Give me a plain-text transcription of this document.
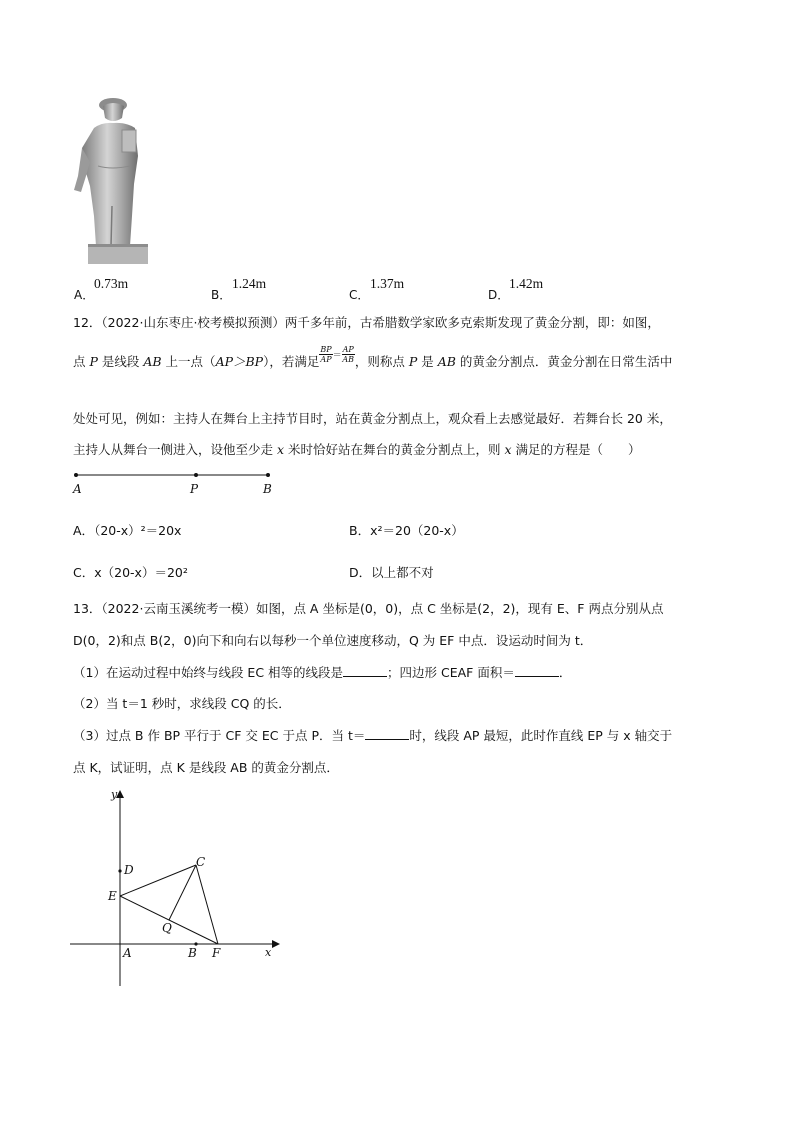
A．
0.73m
B．
1.24m
C．
1.37m
D．
1.42m
12．（2022·山东枣庄·校考模拟预测）两千多年前，古希腊数学家欧多克索斯发现了黄金分割，即：如图，
点 P 是线段 AB 上一点（AP＞BP），若满足 $\frac{BP}{AP}^= \frac{AP}{AB}$，则称点 P 是 AB 的黄金分割点．黄金分割在日常生活中
处处可见，例如：主持人在舞台上主持节目时，站在黄金分割点上，观众看上去感觉最好．若舞台长 20 米，
主持人从舞台一侧进入，设他至少走 x 米时恰好站在舞台的黄金分割点上，则 x 满足的方程是（　　）
A	P	B
A．（20-x）²＝20x	B．x²＝20（20-x）
C．x（20-x）＝20²	D．以上都不对
13．（2022·云南玉溪统考一模）如图，点 A 坐标是(0，0)，点 C 坐标是(2，2)，现有 E、F 两点分别从点
D(0，2)和点 B(2，0)向下和向右以每秒一个单位速度移动，Q 为 EF 中点．设运动时间为 t．
（1）在运动过程中始终与线段 EC 相等的线段是	；四边形 CEAF 面积＝	．
（2）当 t＝1 秒时，求线段 CQ 的长．
（3）过点 B 作 BP 平行于 CF 交 EC 于点 P．当 t＝	时，线段 AP 最短，此时作直线 EP 与 x 轴交于
点 K，试证明，点 K 是线段 AB 的黄金分割点．
y
x
C
D
E
Q
A	B F
